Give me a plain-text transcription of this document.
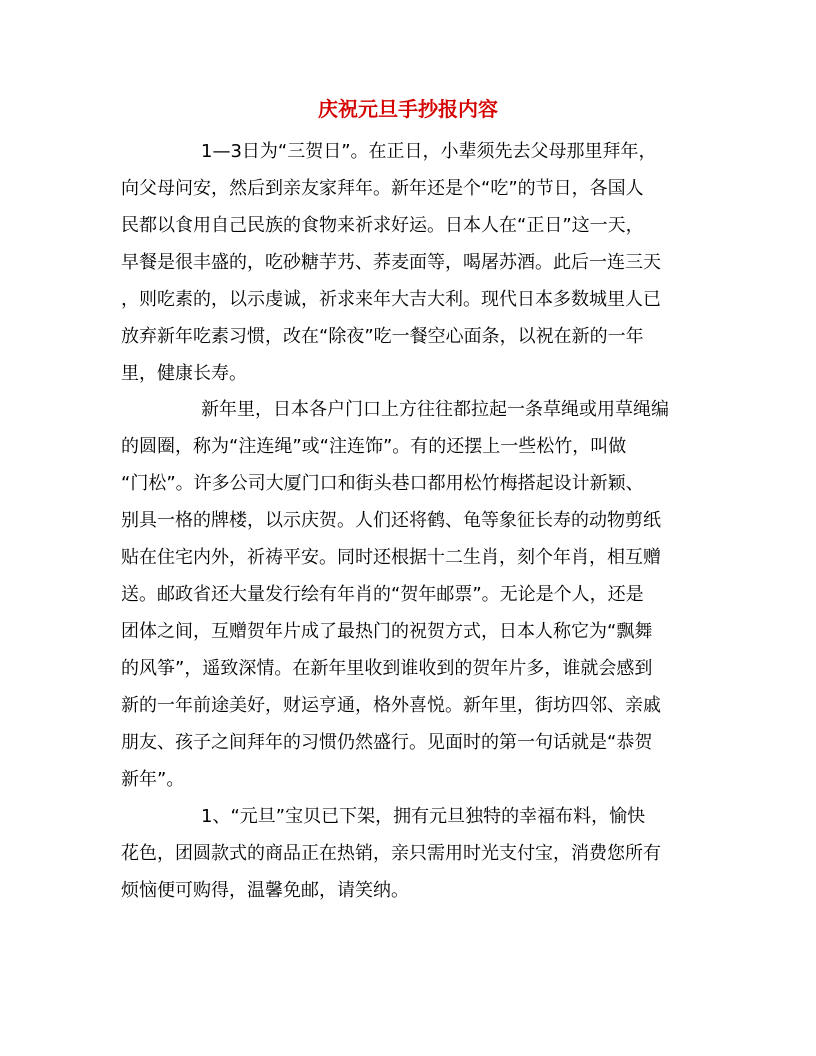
庆祝元旦手抄报内容
1—3日为“三贺日”。在正日，小辈须先去父母那里拜年，
向父母问安，然后到亲友家拜年。新年还是个“吃”的节日，各国人
民都以食用自己民族的食物来祈求好运。日本人在“正日”这一天，
早餐是很丰盛的，吃砂糖芋艿、荞麦面等，喝屠苏酒。此后一连三天
，则吃素的，以示虔诚，祈求来年大吉大利。现代日本多数城里人已
放弃新年吃素习惯，改在“除夜”吃一餐空心面条，以祝在新的一年
里，健康长寿。
新年里，日本各户门口上方往往都拉起一条草绳或用草绳编
的圆圈，称为“注连绳”或“注连饰”。有的还摆上一些松竹，叫做
“门松”。许多公司大厦门口和街头巷口都用松竹梅搭起设计新颖、
别具一格的牌楼，以示庆贺。人们还将鹤、龟等象征长寿的动物剪纸
贴在住宅内外，祈祷平安。同时还根据十二生肖，刻个年肖，相互赠
送。邮政省还大量发行绘有年肖的“贺年邮票”。无论是个人，还是
团体之间，互赠贺年片成了最热门的祝贺方式，日本人称它为“飘舞
的风筝”，遥致深情。在新年里收到谁收到的贺年片多，谁就会感到
新的一年前途美好，财运亨通，格外喜悦。新年里，街坊四邻、亲戚
朋友、孩子之间拜年的习惯仍然盛行。见面时的第一句话就是“恭贺
新年”。
1、“元旦”宝贝已下架，拥有元旦独特的幸福布料，愉快
花色，团圆款式的商品正在热销，亲只需用时光支付宝，消费您所有
烦恼便可购得，温馨免邮，请笑纳。
